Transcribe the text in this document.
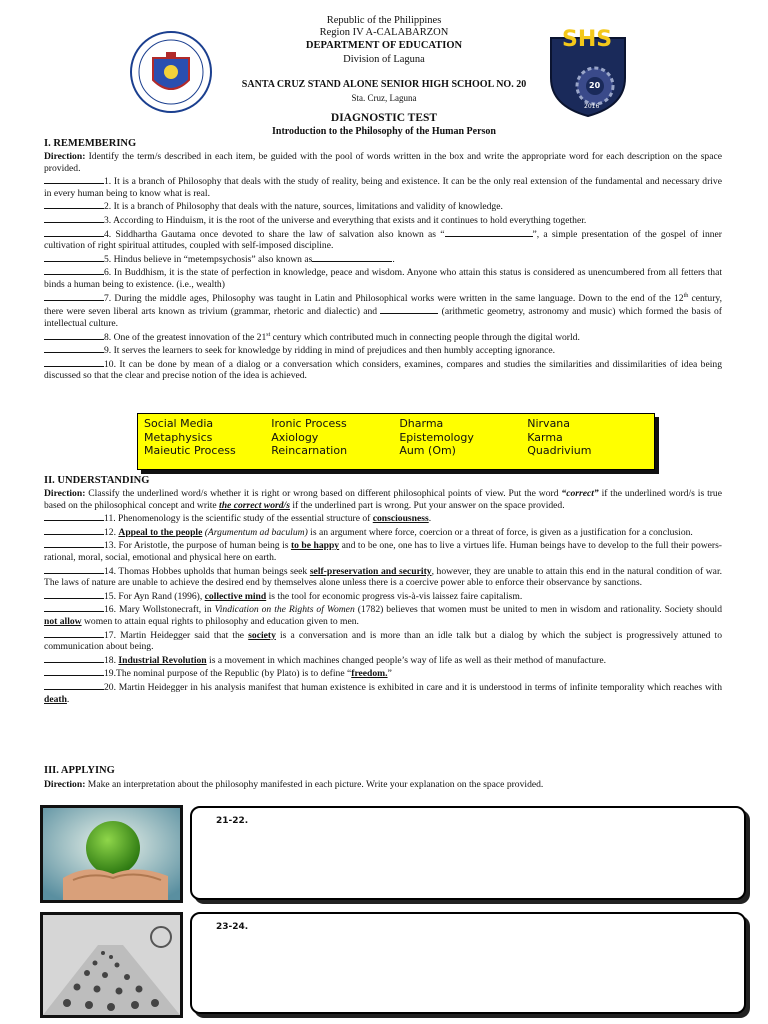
SHS
20
2016
Republic of the Philippines
Region IV A-CALABARZON
DEPARTMENT OF EDUCATION
Division of Laguna
SANTA CRUZ STAND ALONE SENIOR HIGH SCHOOL NO. 20
Sta. Cruz, Laguna
DIAGNOSTIC TEST
Introduction to the Philosophy of the Human Person
I. REMEMBERING

Direction: Identify the term/s described in each item, be guided with the pool of words written in the box and write the appropriate word for each description on the space provided.

1. It is a branch of Philosophy that deals with the study of reality, being and existence. It can be the only real extension of the fundamental and necessary drive in every human being to know what is real.

2. It is a branch of Philosophy that deals with the nature, sources, limitations and validity of knowledge.

3. According to Hinduism, it is the root of the universe and everything that exists and it continues to hold everything together.

4. Siddhartha Gautama once devoted to share the law of salvation also known as “	”, a simple presentation of the gospel of inner cultivation of right spiritual attitudes, coupled with self-imposed discipline.

5. Hindus believe in “metempsychosis” also known as	.

6. In Buddhism, it is the state of perfection in knowledge, peace and wisdom. Anyone who attain this status is considered as unencumbered from all fetters that binds a human being to existence. (i.e., wealth)

7. During the middle ages, Philosophy was taught in Latin and Philosophical works were written in the same language. Down to the end of the 12th century, there were seven liberal arts known as trivium (grammar, rhetoric and dialectic) and	(arithmetic geometry, astronomy and music) which formed the basis of intellectual culture.

8. One of the greatest innovation of the 21st century which contributed much in connecting people through the digital world.

9. It serves the learners to seek for knowledge by ridding in mind of prejudices and then humbly accepting ignorance.

10. It can be done by mean of a dialog or a conversation which considers, examines, compares and studies the similarities and dissimilarities of idea being discussed so that the clear and precise notion of the idea is achieved.

Social Media	Ironic Process	Dharma	Nirvana
Metaphysics	Axiology	Epistemology	Karma
Maieutic Process	Reincarnation	Aum (Om)	Quadrivium
II. UNDERSTANDING

Direction: Classify the underlined word/s whether it is right or wrong based on different philosophical points of view. Put the word “correct” if the underlined word/s is true based on the philosophical concept and write the correct word/s if the underlined part is wrong. Put your answer on the space provided.

11. Phenomenology is the scientific study of the essential structure of consciousness.

12. Appeal to the people (Argumentum ad baculum) is an argument where force, coercion or a threat of force, is given as a justification for a conclusion.

13. For Aristotle, the purpose of human being is to be happy and to be one, one has to live a virtues life. Human beings have to develop to the full their powers- rational, moral, social, emotional and physical here on earth.

14. Thomas Hobbes upholds that human beings seek self-preservation and security, however, they are unable to attain this end in the natural condition of war. The laws of nature are unable to achieve the desired end by themselves alone unless there is a coercive power able to enforce their observance by sanctions.

15. For Ayn Rand (1996), collective mind is the tool for economic progress vis-à-vis laissez faire capitalism.

16. Mary Wollstonecraft, in Vindication on the Rights of Women (1782) believes that women must be united to men in wisdom and rationality. Society should not allow women to attain equal rights to philosophy and education given to men.

17. Martin Heidegger said that the society is a conversation and is more than an idle talk but a dialog by which the subject is progressively attuned to communication about being.

18. Industrial Revolution is a movement in which machines changed people’s way of life as well as their method of manufacture.

19.The nominal purpose of the Republic (by Plato) is to define “freedom.”

20. Martin Heidegger in his analysis manifest that human existence is exhibited in care and it is understood in terms of infinite temporality which reaches with death.

III. APPLYING

Direction: Make an interpretation about the philosophy manifested in each picture. Write your explanation on the space provided.

21-22.
23-24.
